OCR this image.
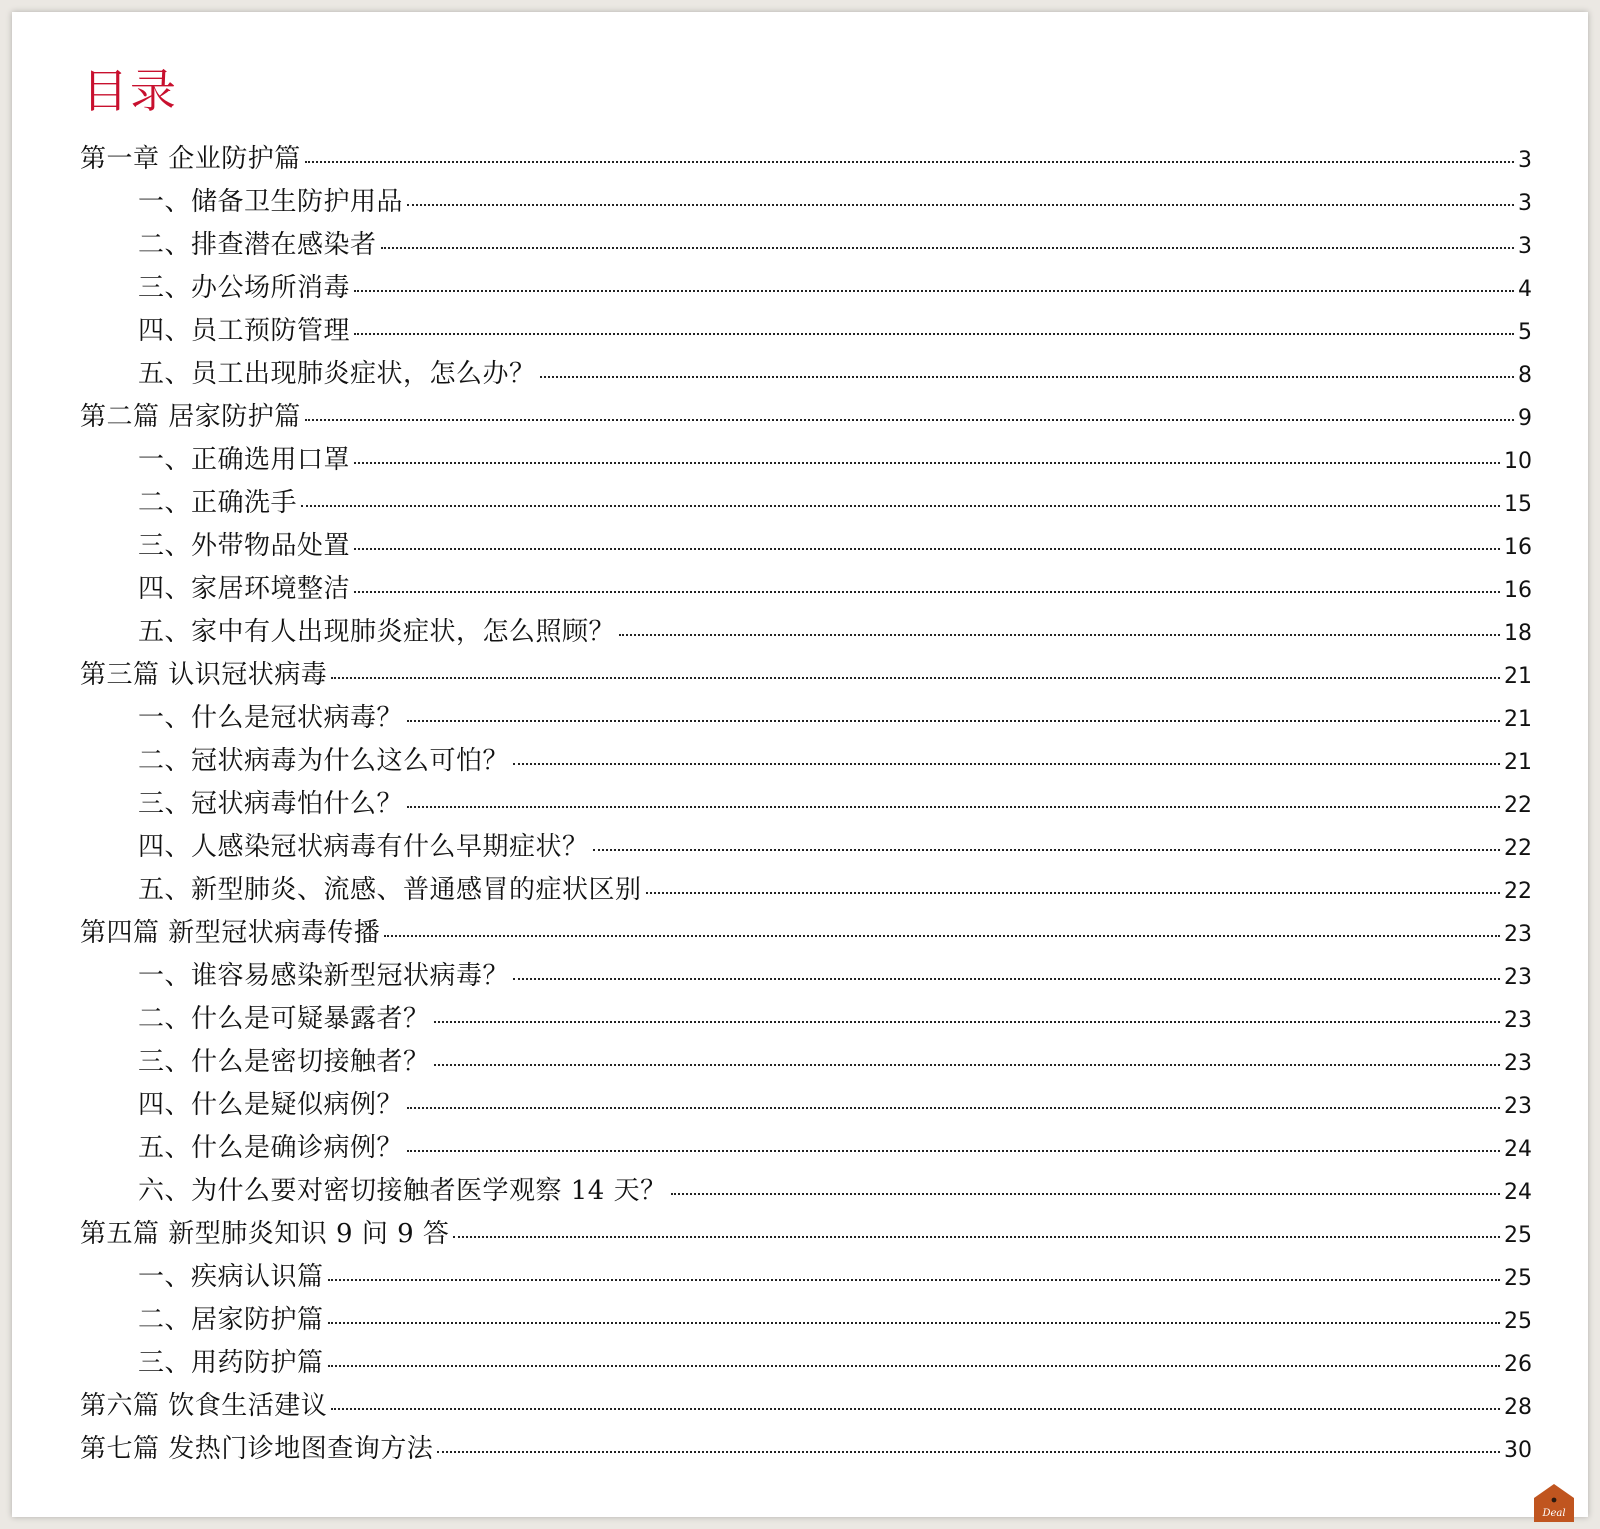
目录
第一章 企业防护篇	3
一、储备卫生防护用品	3
二、排查潜在感染者	3
三、办公场所消毒	4
四、员工预防管理	5
五、员工出现肺炎症状，怎么办？	8
第二篇 居家防护篇	9
一、正确选用口罩	10
二、正确洗手	15
三、外带物品处置	16
四、家居环境整洁	16
五、家中有人出现肺炎症状，怎么照顾？	18
第三篇 认识冠状病毒	21
一、什么是冠状病毒？	21
二、冠状病毒为什么这么可怕？	21
三、冠状病毒怕什么？	22
四、人感染冠状病毒有什么早期症状？	22
五、新型肺炎、流感、普通感冒的症状区别	22
第四篇 新型冠状病毒传播	23
一、谁容易感染新型冠状病毒？	23
二、什么是可疑暴露者？	23
三、什么是密切接触者？	23
四、什么是疑似病例？	23
五、什么是确诊病例？	24
六、为什么要对密切接触者医学观察 14 天？	24
第五篇 新型肺炎知识 9 问 9 答	25
一、疾病认识篇	25
二、居家防护篇	25
三、用药防护篇	26
第六篇 饮食生活建议	28
第七篇 发热门诊地图查询方法	30
Deal
